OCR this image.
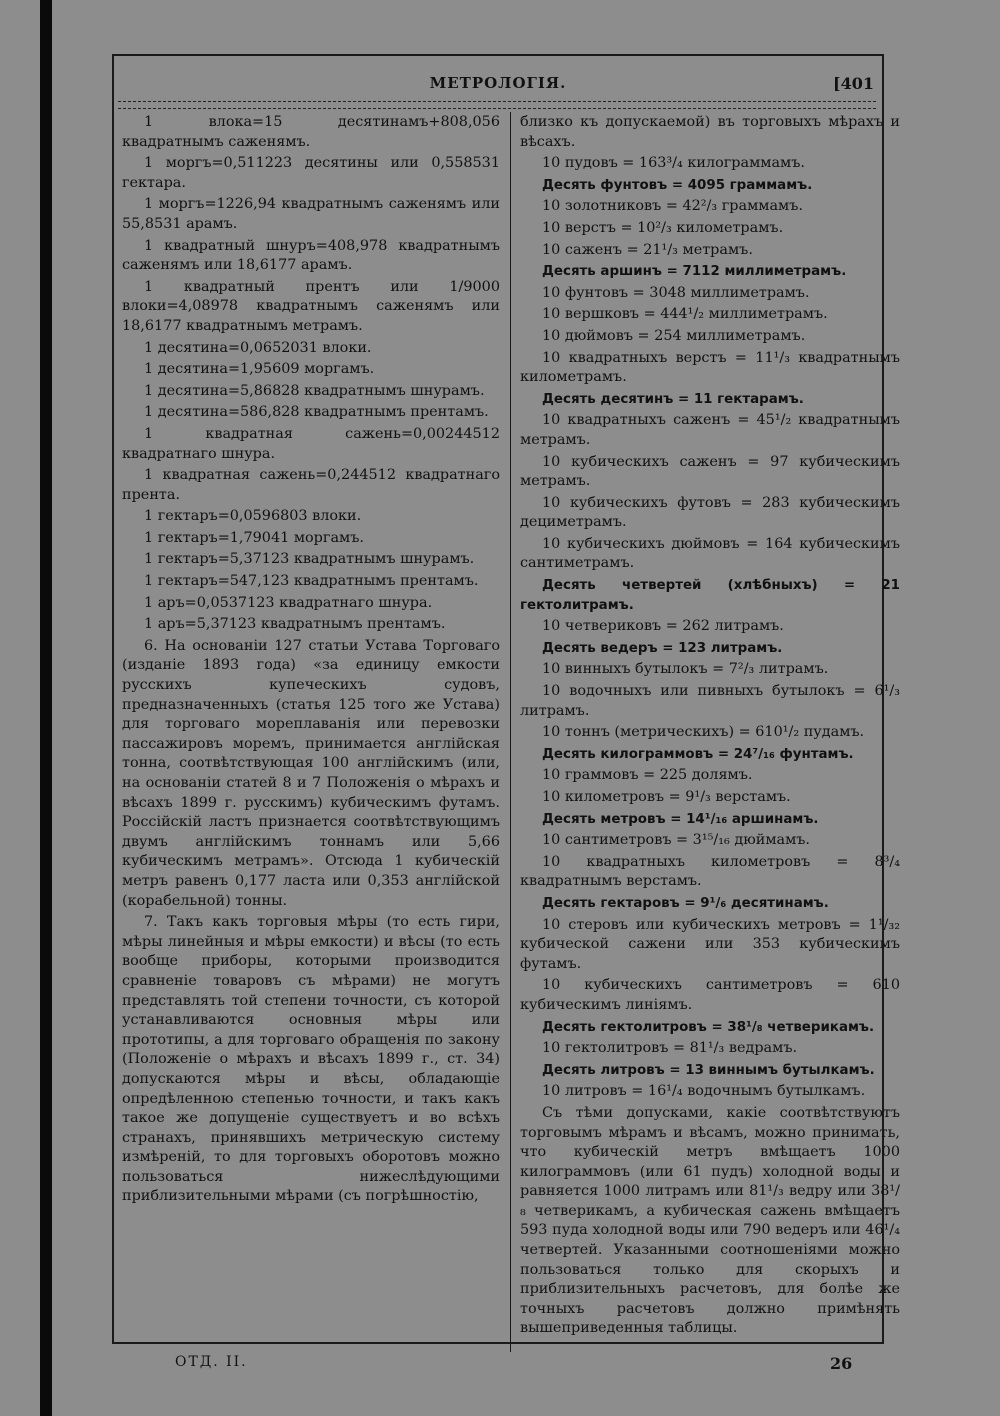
МЕТРОЛОГІЯ.	[401

1 влока=15 десятинамъ+808,056 квадратнымъ саженямъ.

1 моргъ=0,511223 десятины или 0,558531 гектара.

1 моргъ=1226,94 квадратнымъ саженямъ или 55,8531 арамъ.

1 квадратный шнуръ=408,978 квадратнымъ саженямъ или 18,6177 арамъ.

1 квадратный прентъ или 1/9000 влоки=4,08978 квадратнымъ саженямъ или 18,6177 квадратнымъ метрамъ.

1 десятина=0,0652031 влоки.

1 десятина=1,95609 моргамъ.

1 десятина=5,86828 квадратнымъ шнурамъ.

1 десятина=586,828 квадратнымъ прентамъ.

1 квадратная сажень=0,00244512 квадратнаго шнура.

1 квадратная сажень=0,244512 квадратнаго прента.

1 гектаръ=0,0596803 влоки.

1 гектаръ=1,79041 моргамъ.

1 гектаръ=5,37123 квадратнымъ шнурамъ.

1 гектаръ=547,123 квадратнымъ прентамъ.

1 аръ=0,0537123 квадратнаго шнура.

1 аръ=5,37123 квадратнымъ прентамъ.

6. На основаніи 127 статьи Устава Торговаго (изданіе 1893 года) «за единицу емкости русскихъ купеческихъ судовъ, предназначенныхъ (статья 125 того же Устава) для торговаго мореплаванія или перевозки пассажировъ моремъ, принимается англійская тонна, соотвѣтствующая 100 англійскимъ (или, на основаніи статей 8 и 7 Положенія о мѣрахъ и вѣсахъ 1899 г. русскимъ) кубическимъ футамъ. Россійскій ластъ признается соотвѣтствующимъ двумъ англійскимъ тоннамъ или 5,66 кубическимъ метрамъ». Отсюда 1 кубическій метръ равенъ 0,177 ласта или 0,353 англійской (корабельной) тонны.

7. Такъ какъ торговыя мѣры (то есть гири, мѣры линейныя и мѣры емкости) и вѣсы (то есть вообще приборы, которыми производится сравненіе товаровъ съ мѣрами) не могутъ представлять той степени точности, съ которой устанавливаются основныя мѣры или прототипы, а для торговаго обращенія по закону (Положеніе о мѣрахъ и вѣсахъ 1899 г., ст. 34) допускаются мѣры и вѣсы, обладающіе опредѣленною степенью точности, и такъ какъ такое же допущеніе существуетъ и во всѣхъ странахъ, принявшихъ метрическую систему измѣреній, то для торговыхъ оборотовъ можно пользоваться нижеслѣдующими приблизительными мѣрами (съ погрѣшностію,

близко къ допускаемой) въ торговыхъ мѣрахъ и вѣсахъ.

10 пудовъ = 163³/₄ килограммамъ.

Десять фунтовъ = 4095 граммамъ.

10 золотниковъ = 42²/₃ граммамъ.

10 верстъ = 10²/₃ километрамъ.

10 саженъ = 21¹/₃ метрамъ.

Десять аршинъ = 7112 миллиметрамъ.

10 фунтовъ = 3048 миллиметрамъ.

10 вершковъ = 444¹/₂ миллиметрамъ.

10 дюймовъ = 254 миллиметрамъ.

10 квадратныхъ верстъ = 11¹/₃ квадратнымъ километрамъ.

Десять десятинъ = 11 гектарамъ.

10 квадратныхъ саженъ = 45¹/₂ квадратнымъ метрамъ.

10 кубическихъ саженъ = 97 кубическимъ метрамъ.

10 кубическихъ футовъ = 283 кубическимъ дециметрамъ.

10 кубическихъ дюймовъ = 164 кубическимъ сантиметрамъ.

Десять четвертей (хлѣбныхъ) = 21 гектолитрамъ.

10 четвериковъ = 262 литрамъ.

Десять ведеръ = 123 литрамъ.

10 винныхъ бутылокъ = 7²/₃ литрамъ.

10 водочныхъ или пивныхъ бутылокъ = 6¹/₃ литрамъ.

10 тоннъ (метрическихъ) = 610¹/₂ пудамъ.

Десять килограммовъ = 24⁷/₁₆ фунтамъ.

10 граммовъ = 225 долямъ.

10 километровъ = 9¹/₃ верстамъ.

Десять метровъ = 14¹/₁₆ аршинамъ.

10 сантиметровъ = 3¹⁵/₁₆ дюймамъ.

10 квадратныхъ километровъ = 8³/₄ квадратнымъ верстамъ.

Десять гектаровъ = 9¹/₆ десятинамъ.

10 стеровъ или кубическихъ метровъ = 1¹/₃₂ кубической сажени или 353 кубическимъ футамъ.

10 кубическихъ сантиметровъ = 610 кубическимъ линіямъ.

Десять гектолитровъ = 38¹/₈ четверикамъ.

10 гектолитровъ = 81¹/₃ ведрамъ.

Десять литровъ = 13 виннымъ бутылкамъ.

10 литровъ = 16¹/₄ водочнымъ бутылкамъ.

Съ тѣми допусками, какіе соотвѣтствуютъ торговымъ мѣрамъ и вѣсамъ, можно принимать, что кубическій метръ вмѣщаетъ 1000 килограммовъ (или 61 пудъ) холодной воды и равняется 1000 литрамъ или 81¹/₃ ведру или 38¹/₈ четверикамъ, а кубическая сажень вмѣщаетъ 593 пуда холодной воды или 790 ведеръ или 46¹/₄ четвертей. Указанными соотношеніями можно пользоваться только для скорыхъ и приблизительныхъ расчетовъ, для болѣе же точныхъ расчетовъ должно примѣнять вышеприведенныя таблицы.

ОТД. II.	26
